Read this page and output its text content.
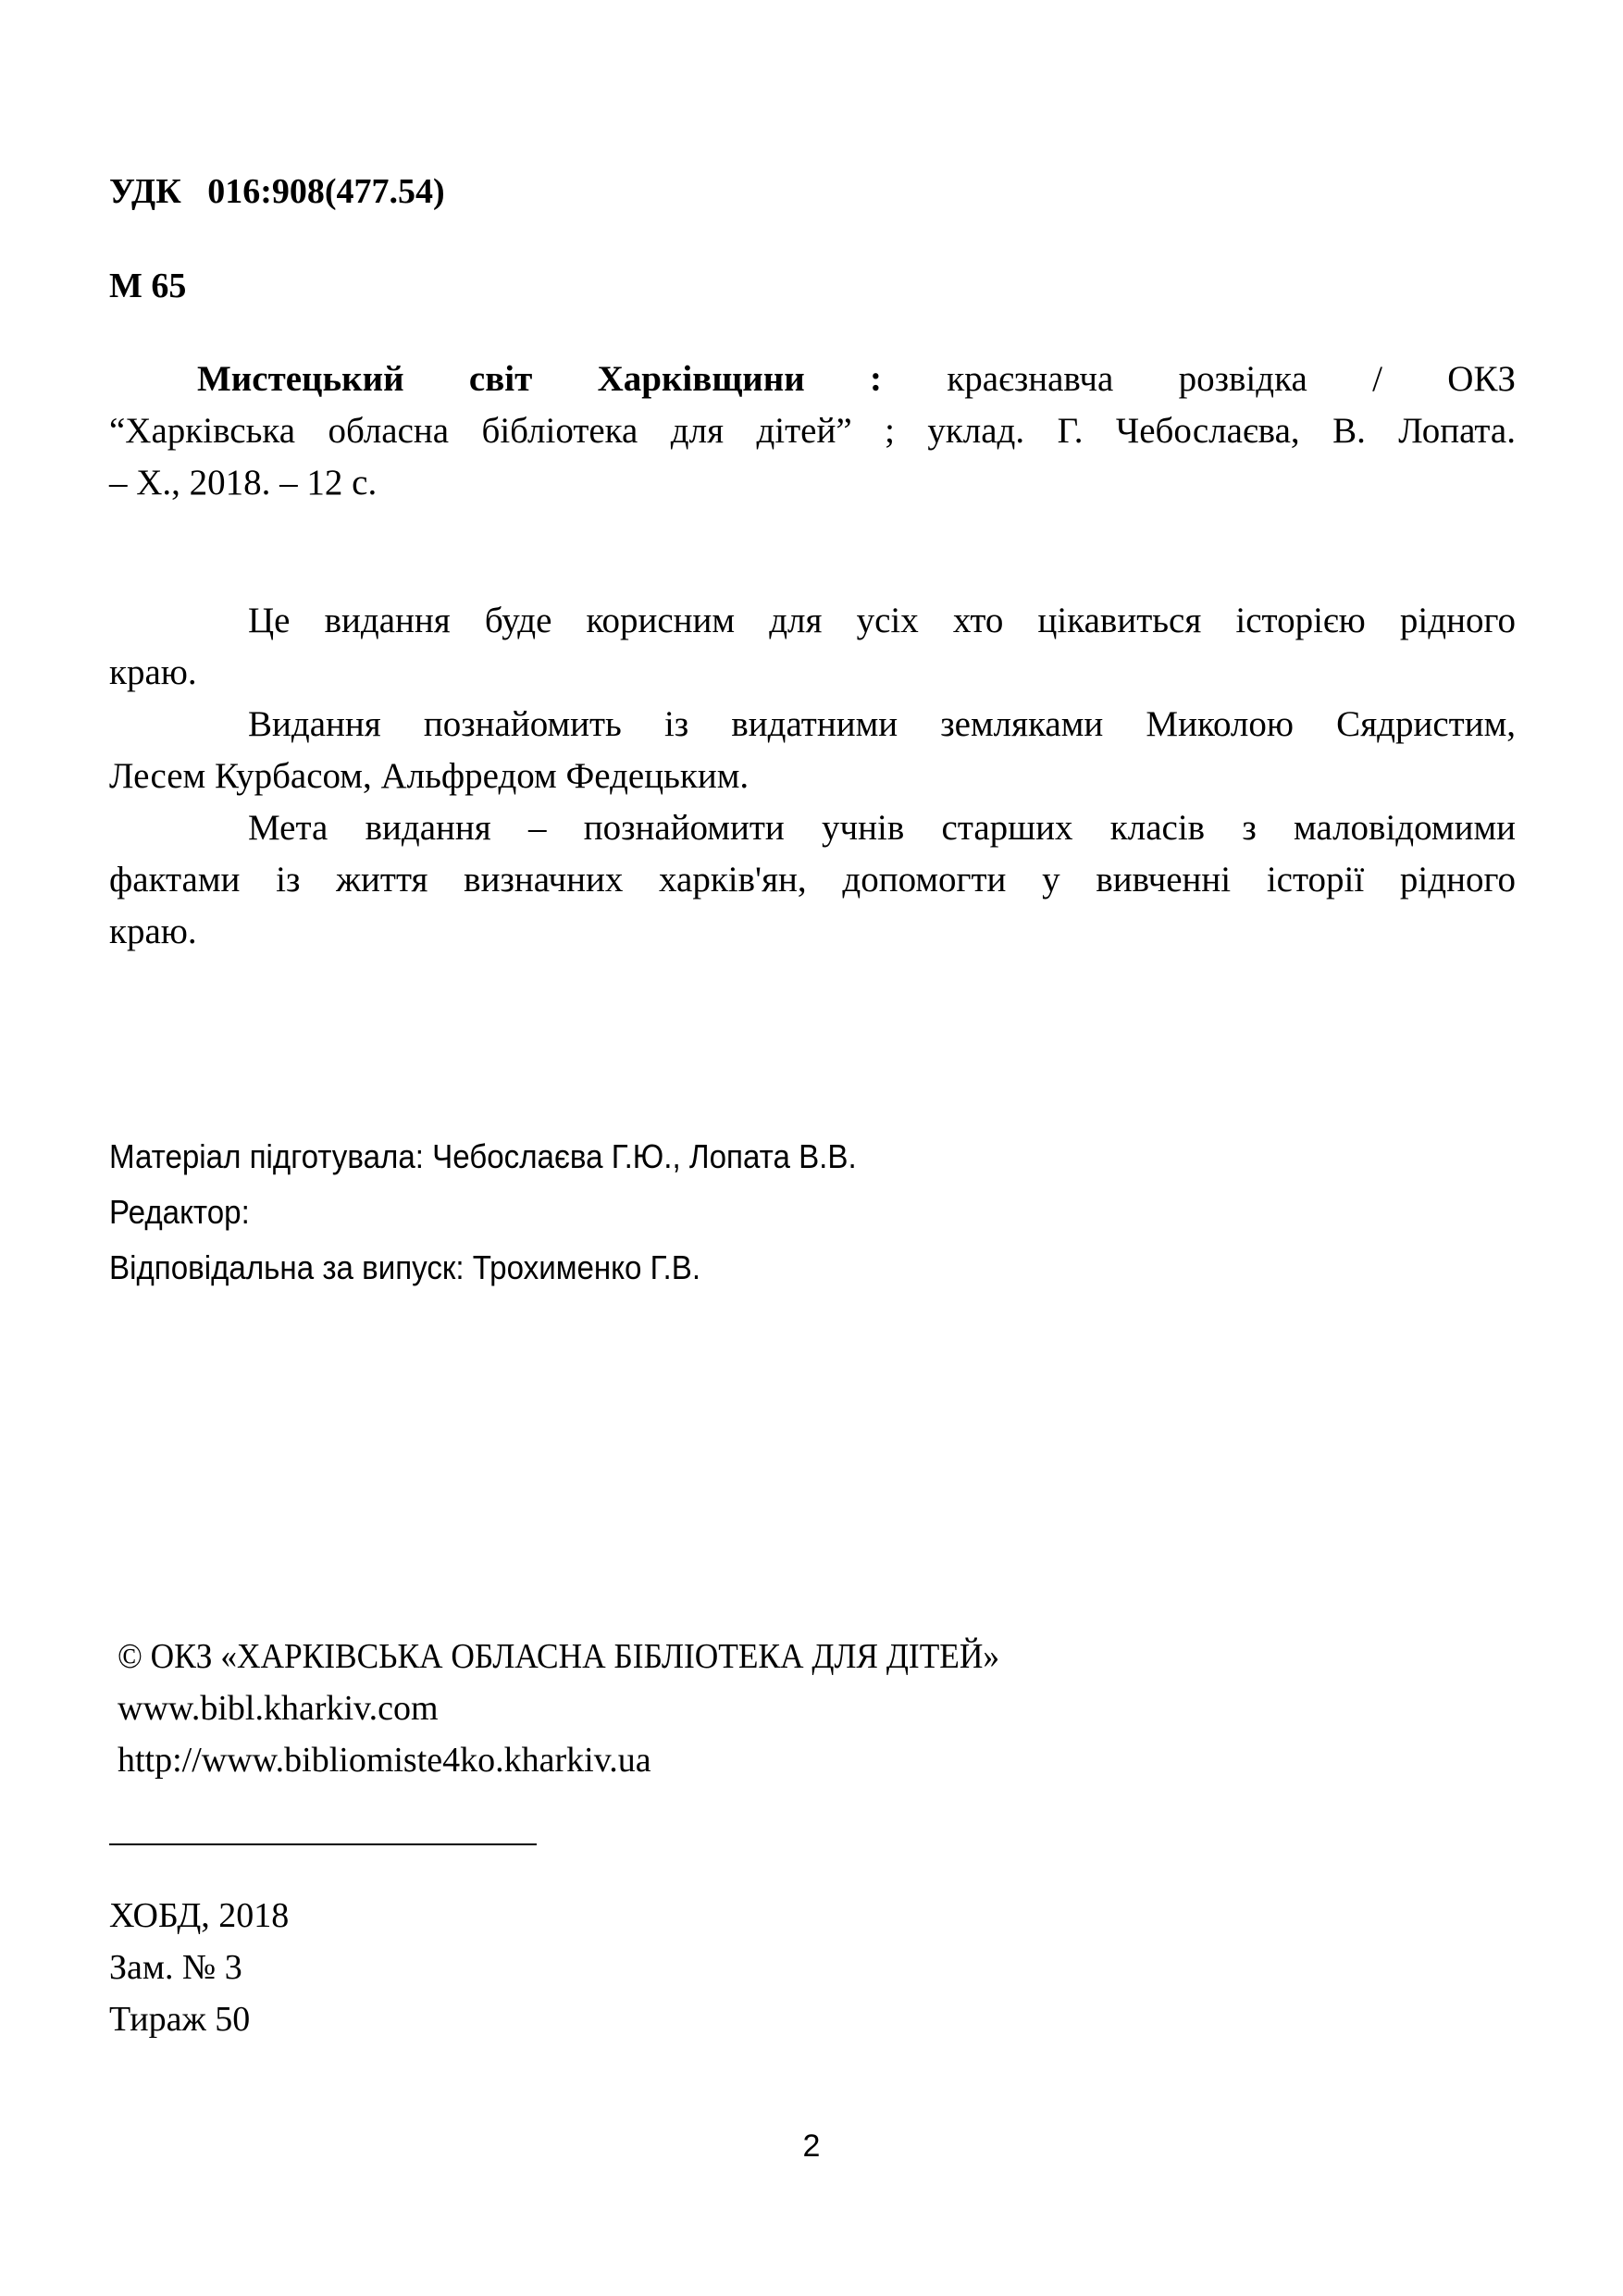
УДК   016:908(477.54)
М 65
Мистецький світ Харківщини : краєзнавча розвідка / ОКЗ
“Харківська обласна бібліотека для дітей” ; уклад. Г. Чебослаєва, В. Лопата.
– Х., 2018. – 12 с.
Це видання буде корисним для усіх хто цікавиться історією рідного
краю.
Видання познайомить із видатними земляками Миколою Сядристим,
Лесем Курбасом, Альфредом Федецьким.
Мета видання – познайомити учнів старших класів з маловідомими
фактами із життя визначних харків'ян, допомогти у вивченні історії рідного
краю.
Матеріал підготувала: Чебослаєва Г.Ю., Лопата В.В.
Редактор:
Відповідальна за випуск: Трохименко Г.В.
© ОКЗ «ХАРКІВСЬКА ОБЛАСНА БІБЛІОТЕКА ДЛЯ ДІТЕЙ»
www.bibl.kharkiv.com
http://www.bibliomiste4ko.kharkiv.ua
ХОБД, 2018
Зам. № 3
Тираж 50
2
